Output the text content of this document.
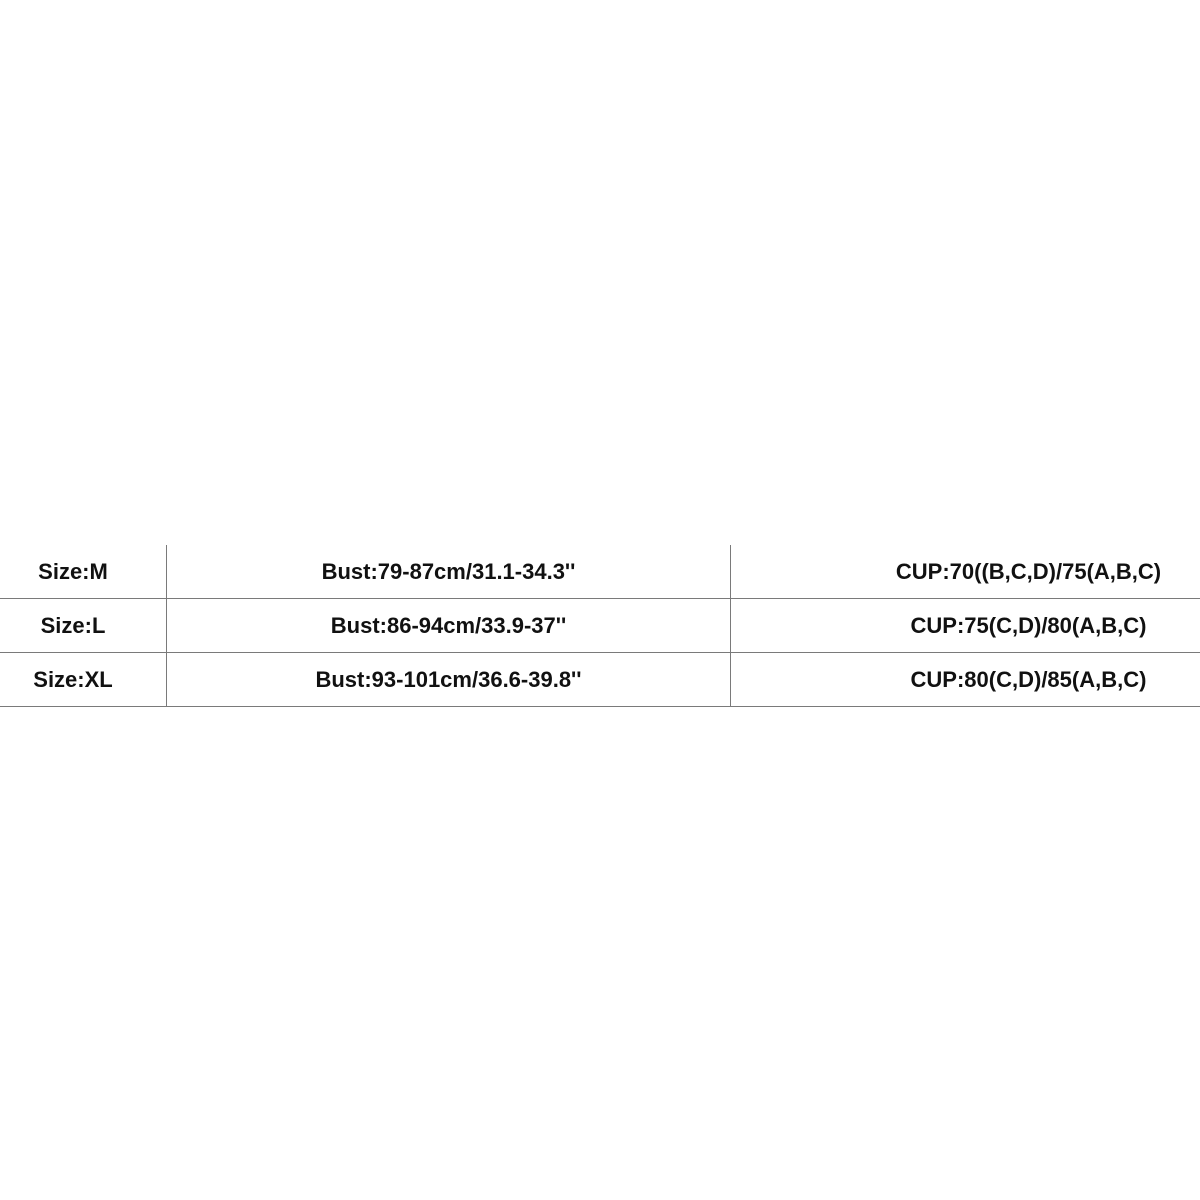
Size:M	Bust:79-87cm/31.1-34.3''	CUP:70((B,C,D)/75(A,B,C)
Size:L	Bust:86-94cm/33.9-37''	CUP:75(C,D)/80(A,B,C)
Size:XL	Bust:93-101cm/36.6-39.8''	CUP:80(C,D)/85(A,B,C)
